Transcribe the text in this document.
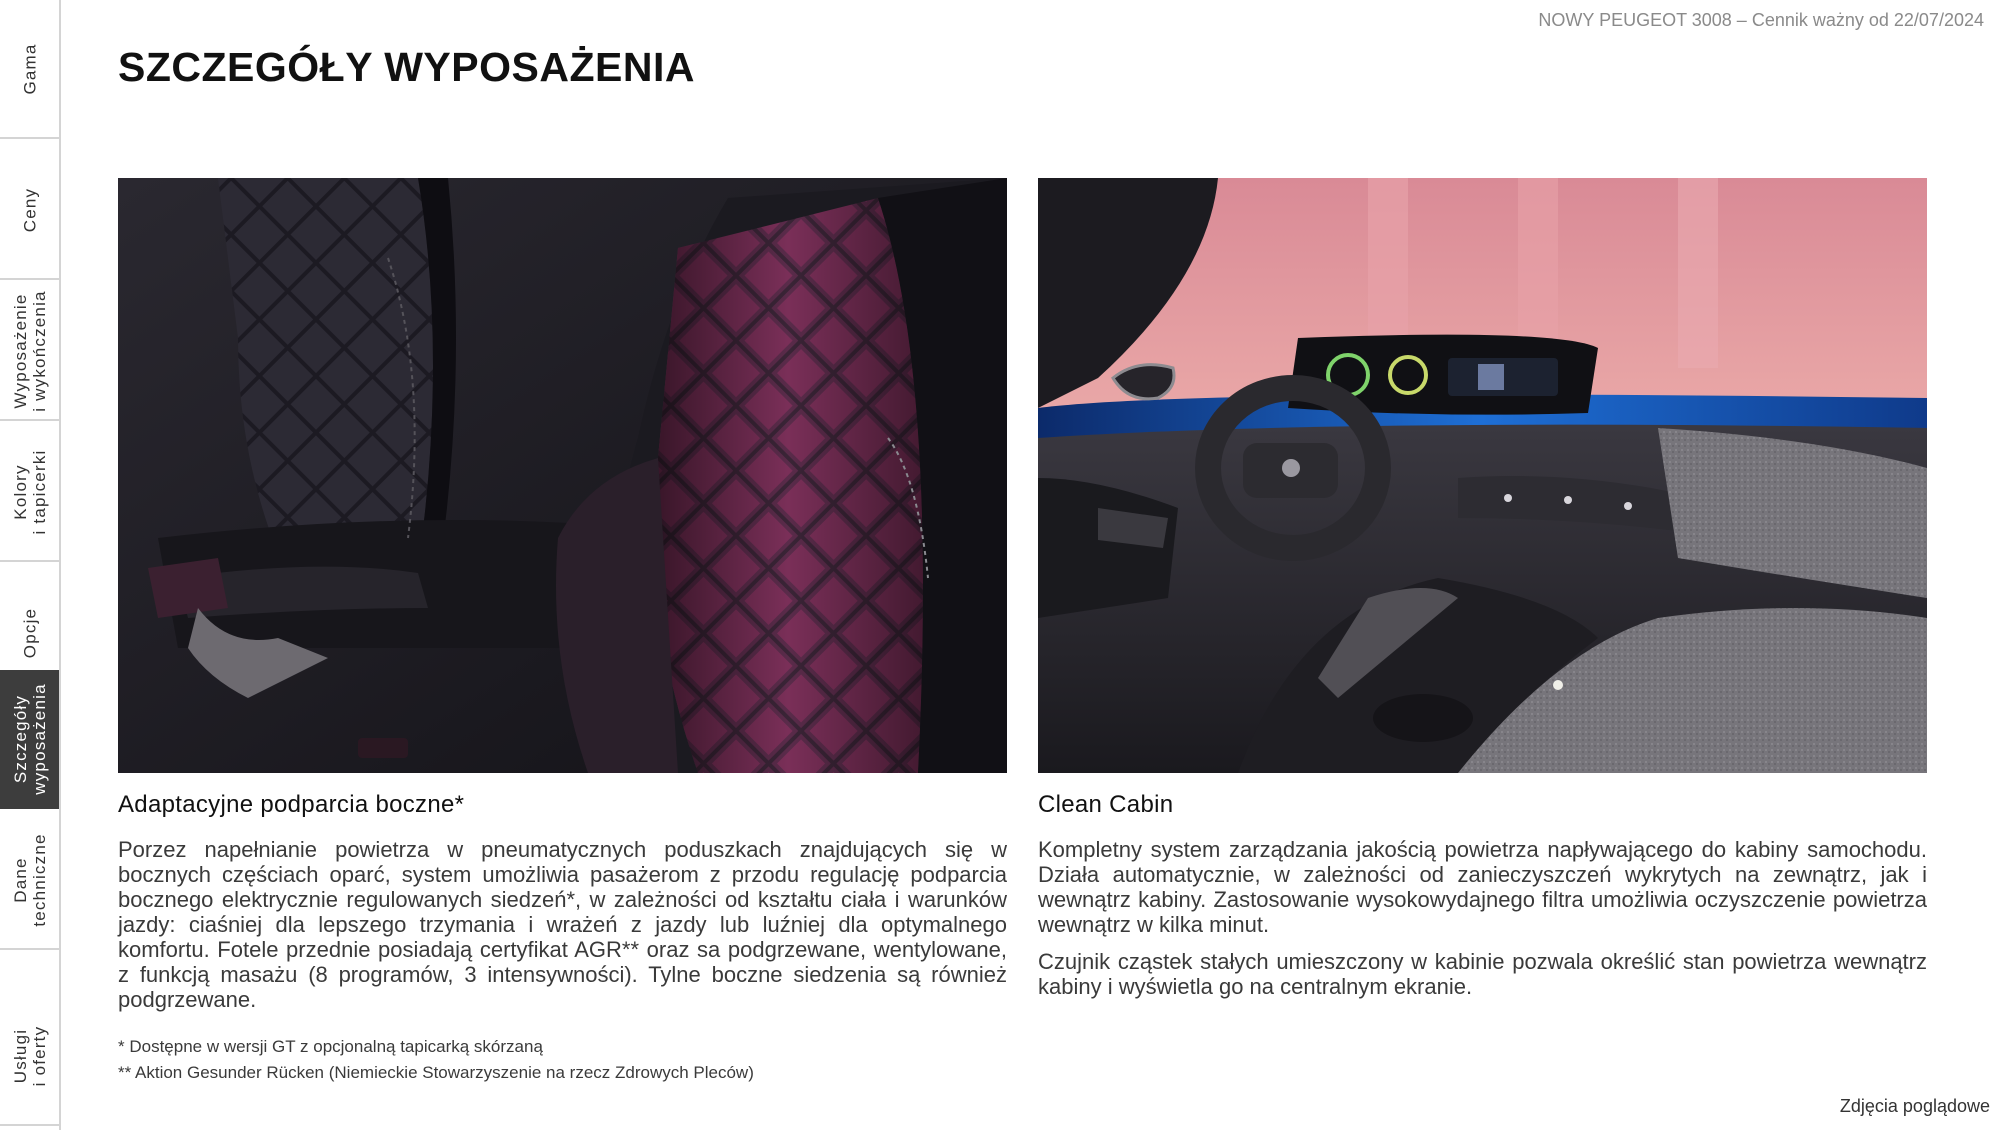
Gama
Ceny
Wyposażenie
i wykończenia
Kolory
i tapicerki
Opcje
Szczegóły
wyposażenia
Dane
techniczne
Usługi
i oferty
NOWY PEUGEOT 3008 – Cennik ważny od 22/07/2024
SZCZEGÓŁY WYPOSAŻENIA
Adaptacyjne podparcia boczne*

Porzez napełnianie powietrza w pneumatycznych poduszkach znajdujących się w bocznych częściach oparć, system umożliwia pasażerom z przodu regulację podparcia bocznego elektrycznie regulowanych siedzeń*, w zależności od kształtu ciała i warunków jazdy: ciaśniej dla lepszego trzymania i wrażeń z jazdy lub luźniej dla optymalnego komfortu. Fotele przednie posiadają certyfikat AGR** oraz sa podgrzewane, wentylowane, z funkcją masażu (8 programów, 3 intensywności). Tylne boczne siedzenia są również podgrzewane.

* Dostępne w wersji GT z opcjonalną tapicarką skórzaną
** Aktion Gesunder Rücken (Niemieckie Stowarzyszenie na rzecz Zdrowych Pleców)
Clean Cabin

Kompletny system zarządzania jakością powietrza napływającego do kabiny samochodu. Działa automatycznie, w zależności od zanieczyszczeń wykrytych na zewnątrz, jak i wewnątrz kabiny. Zastosowanie wysokowydajnego filtra umożliwia oczyszczenie powietrza wewnątrz w kilka minut.

Czujnik cząstek stałych umieszczony w kabinie pozwala określić stan powietrza wewnątrz kabiny i wyświetla go na centralnym ekranie.

Zdjęcia poglądowe
